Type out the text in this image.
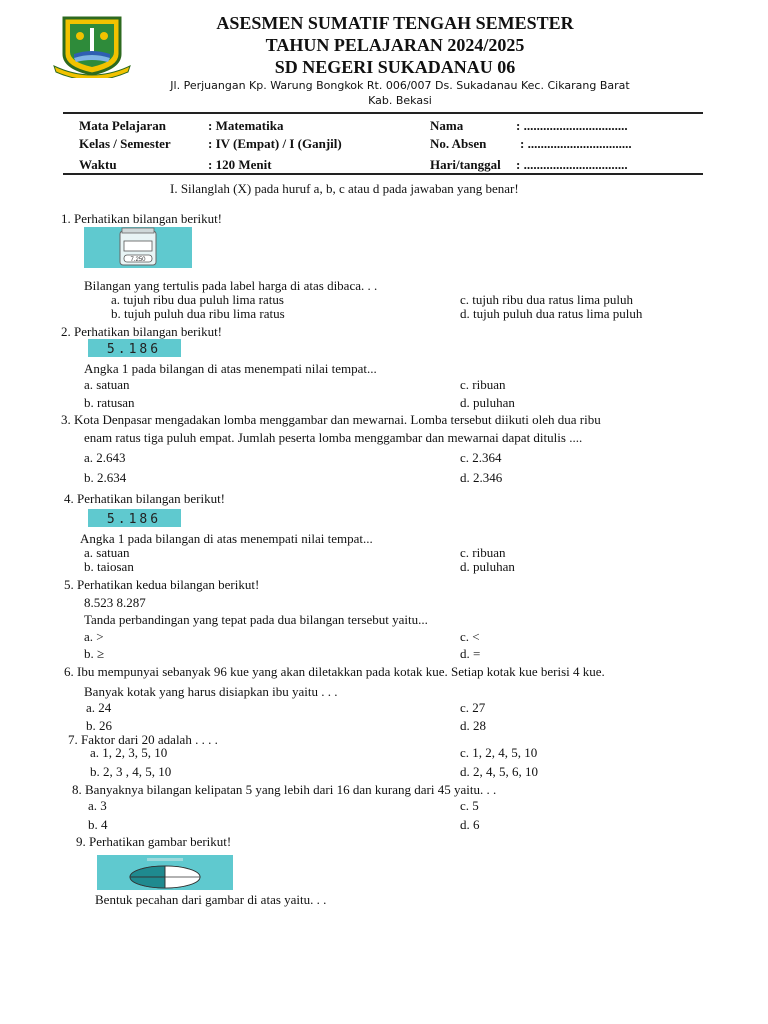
ASESMEN SUMATIF TENGAH SEMESTER
TAHUN PELAJARAN 2024/2025
SD NEGERI SUKADANAU 06
Jl. Perjuangan Kp. Warung Bongkok Rt. 006/007 Ds. Sukadanau Kec. Cikarang Barat
Kab. Bekasi
Mata Pelajaran	: Matematika
Kelas / Semester	: IV (Empat) / I (Ganjil)
Waktu	: 120 Menit
Nama	: ................................
No. Absen	: ................................
Hari/tanggal : ................................
I. Silanglah (X) pada huruf a, b, c atau d pada jawaban yang benar!
1. Perhatikan bilangan berikut!
7.250
Bilangan yang tertulis pada label harga di atas dibaca. . .
a. tujuh ribu dua puluh lima ratus
b. tujuh puluh dua ribu lima ratus
c. tujuh ribu dua ratus lima puluh
d. tujuh puluh dua ratus lima puluh
2. Perhatikan bilangan berikut!
5.186
Angka 1 pada bilangan di atas menempati nilai tempat...
a. satuan
b. ratusan
c. ribuan
d. puluhan
3. Kota Denpasar mengadakan lomba menggambar dan mewarnai. Lomba tersebut diikuti oleh dua ribu
enam ratus tiga puluh empat. Jumlah peserta lomba menggambar dan mewarnai dapat ditulis ....
a. 2.643
b. 2.634
c. 2.364
d. 2.346
4. Perhatikan bilangan berikut!
5.186
Angka 1 pada bilangan di atas menempati nilai tempat...
a. satuan
b. taiosan
c. ribuan
d. puluhan
5. Perhatikan kedua bilangan berikut!
8.523 8.287
Tanda perbandingan yang tepat pada dua bilangan tersebut yaitu...
a. >
b. ≥
c. <
d. =
6. Ibu mempunyai sebanyak 96 kue yang akan diletakkan pada kotak kue. Setiap kotak kue berisi 4 kue.
Banyak kotak yang harus disiapkan ibu yaitu . . .
a. 24
b. 26
c. 27
d. 28
7. Faktor dari 20 adalah . . . .
a. 1, 2, 3, 5, 10
b. 2, 3 , 4, 5, 10
c. 1, 2, 4, 5, 10
d. 2, 4, 5, 6, 10
8. Banyaknya bilangan kelipatan 5 yang lebih dari 16 dan kurang dari 45 yaitu. . .
a. 3
b. 4
c. 5
d. 6
9. Perhatikan gambar berikut!
Bentuk pecahan dari gambar di atas yaitu. . .
